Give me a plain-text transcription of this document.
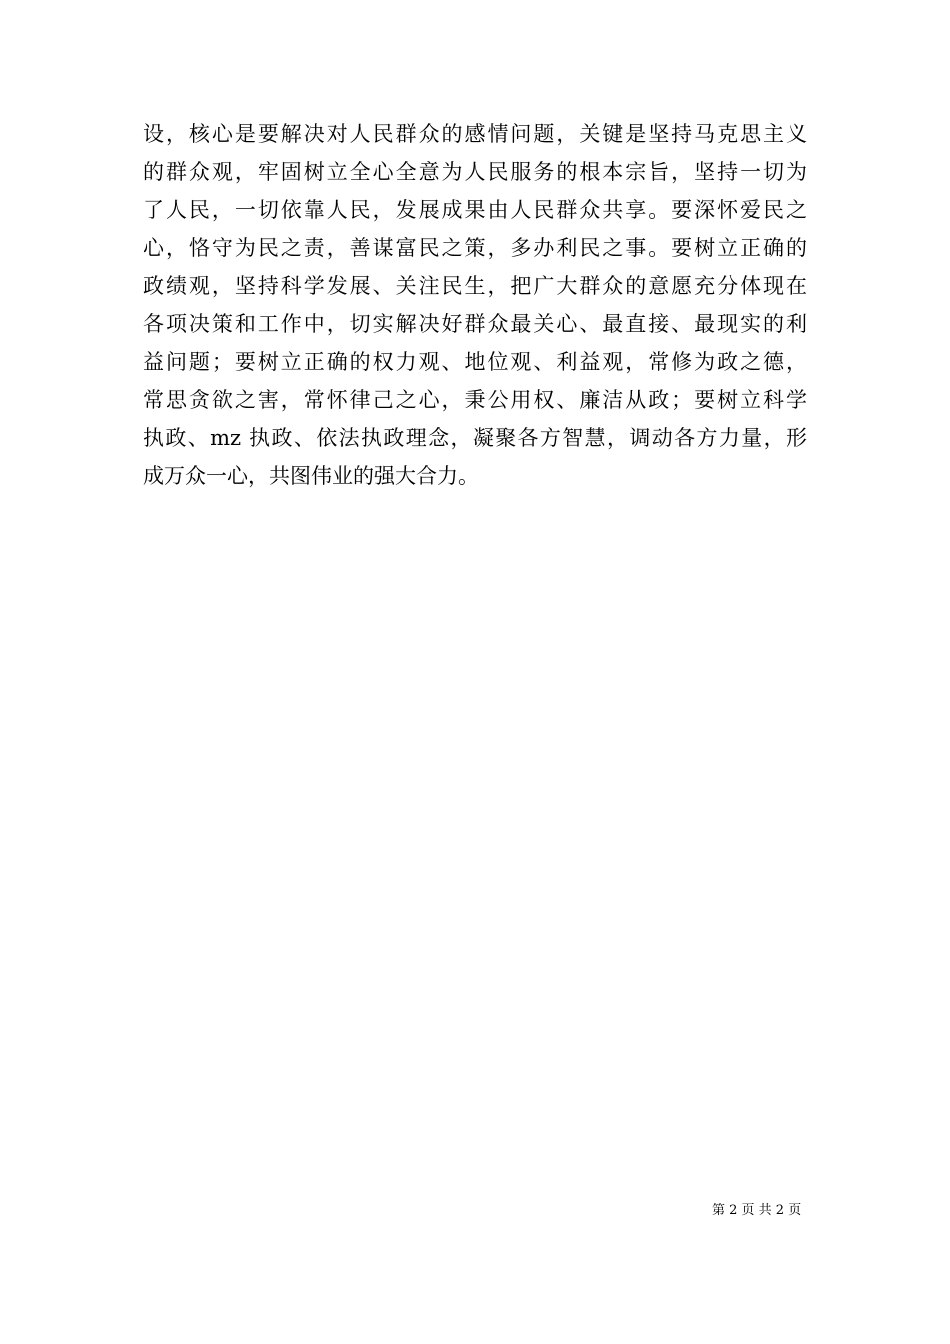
设，核心是要解决对人民群众的感情问题，关键是坚持马克思主义
的群众观，牢固树立全心全意为人民服务的根本宗旨，坚持一切为
了人民，一切依靠人民，发展成果由人民群众共享。要深怀爱民之
心，恪守为民之责，善谋富民之策，多办利民之事。要树立正确的
政绩观，坚持科学发展、关注民生，把广大群众的意愿充分体现在
各项决策和工作中，切实解决好群众最关心、最直接、最现实的利
益问题；要树立正确的权力观、地位观、利益观，常修为政之德，
常思贪欲之害，常怀律己之心，秉公用权、廉洁从政；要树立科学
执政、mz 执政、依法执政理念，凝聚各方智慧，调动各方力量，形
成万众一心，共图伟业的强大合力。
第 2 页 共 2 页
